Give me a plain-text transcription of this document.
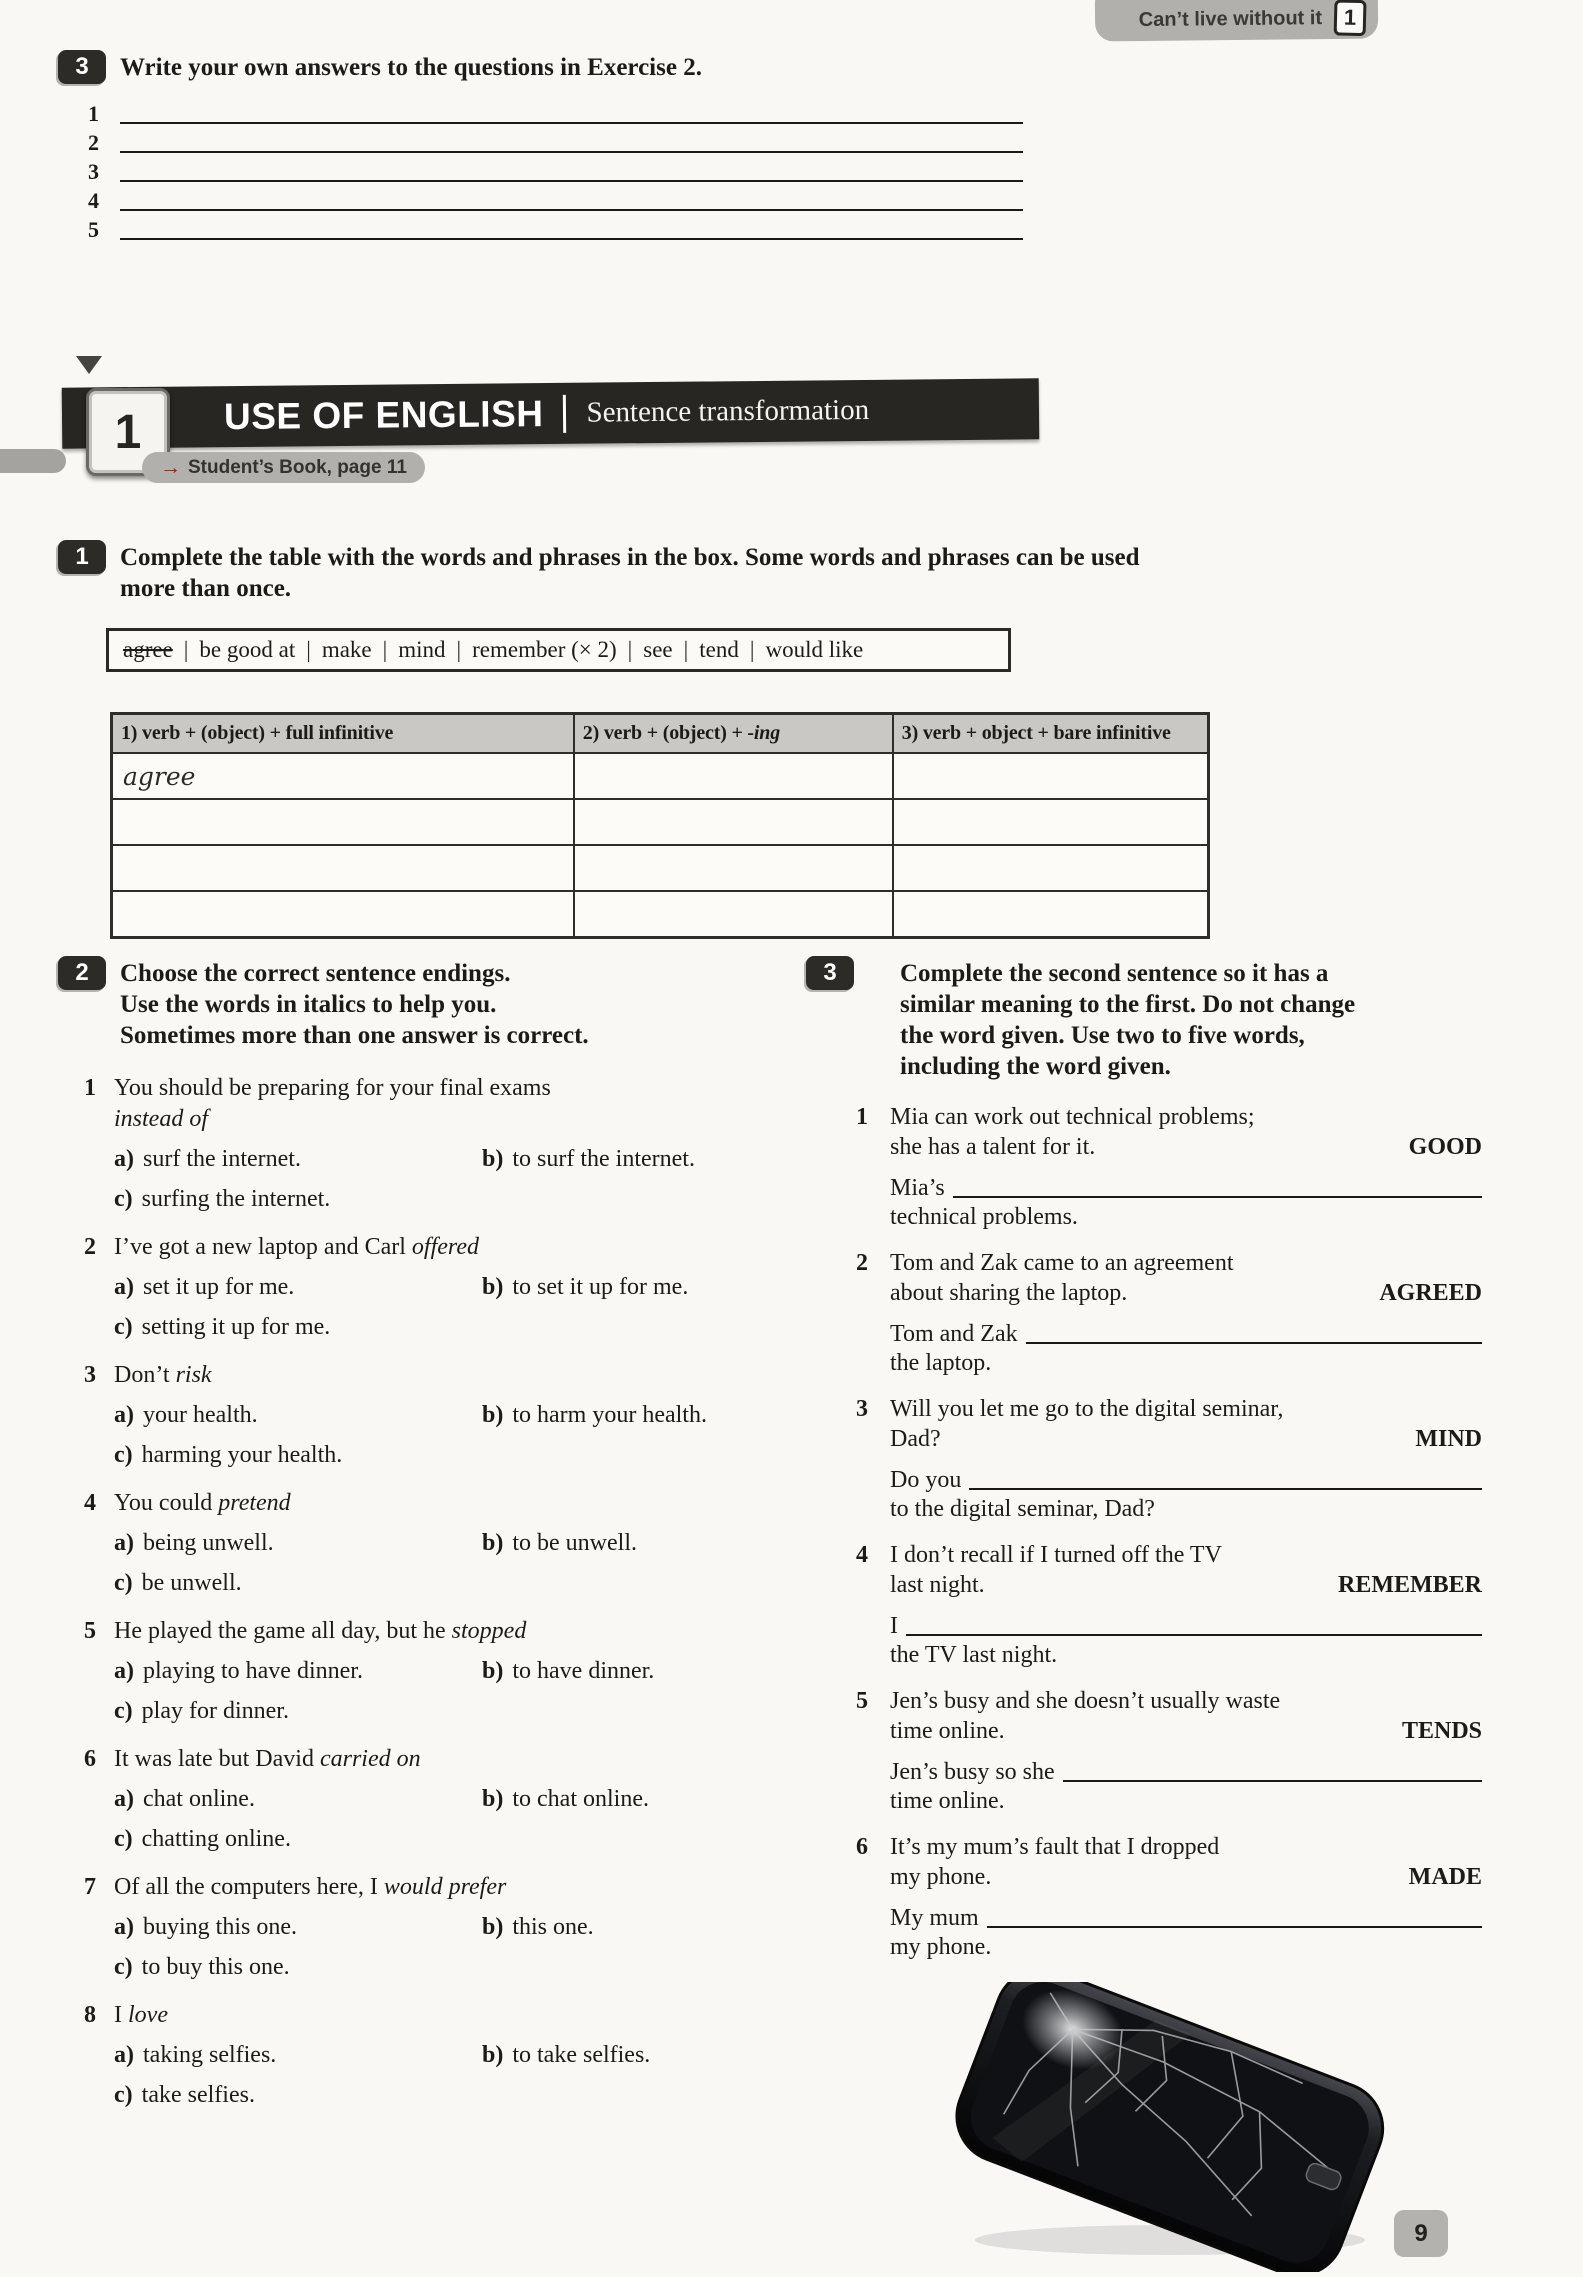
Can’t live without it 1
3	Write your own answers to the questions in Exercise 2.
1
2
3
4
5
USE OF ENGLISH Sentence transformation
1
→ Student’s Book, page 11
1	Complete the table with the words and phrases in the box. Some words and phrases can be used
more than once.
agree | be good at | make | mind | remember (× 2) | see | tend | would like
1) verb + (object) + full infinitive	2) verb + (object) + -ing	3) verb + object + bare infinitive
agree		

2	Choose the correct sentence endings.
Use the words in italics to help you.
Sometimes more than one answer is correct.
1 You should be preparing for your final exams
instead of
a) surf the internet.	b) to surf the internet.
c) surfing the internet.
2 I’ve got a new laptop and Carl offered
a) set it up for me.	b) to set it up for me.
c) setting it up for me.
3 Don’t risk
a) your health.	b) to harm your health.
c) harming your health.
4 You could pretend
a) being unwell.	b) to be unwell.
c) be unwell.
5 He played the game all day, but he stopped
a) playing to have dinner.	b) to have dinner.
c) play for dinner.
6 It was late but David carried on
a) chat online.	b) to chat online.
c) chatting online.
7 Of all the computers here, I would prefer
a) buying this one.	b) this one.
c) to buy this one.
8 I love
a) taking selfies.	b) to take selfies.
c) take selfies.
3	Complete the second sentence so it has a
similar meaning to the first. Do not change
the word given. Use two to five words,
including the word given.
1 Mia can work out technical problems;
she has a talent for it.	GOOD
Mia’s
technical problems.
2 Tom and Zak came to an agreement
about sharing the laptop.	AGREED
Tom and Zak
the laptop.
3 Will you let me go to the digital seminar,
Dad?	MIND
Do you
to the digital seminar, Dad?
4 I don’t recall if I turned off the TV
last night.	REMEMBER
I
the TV last night.
5 Jen’s busy and she doesn’t usually waste
time online.	TENDS
Jen’s busy so she
time online.
6 It’s my mum’s fault that I dropped
my phone.	MADE
My mum
my phone.
9
